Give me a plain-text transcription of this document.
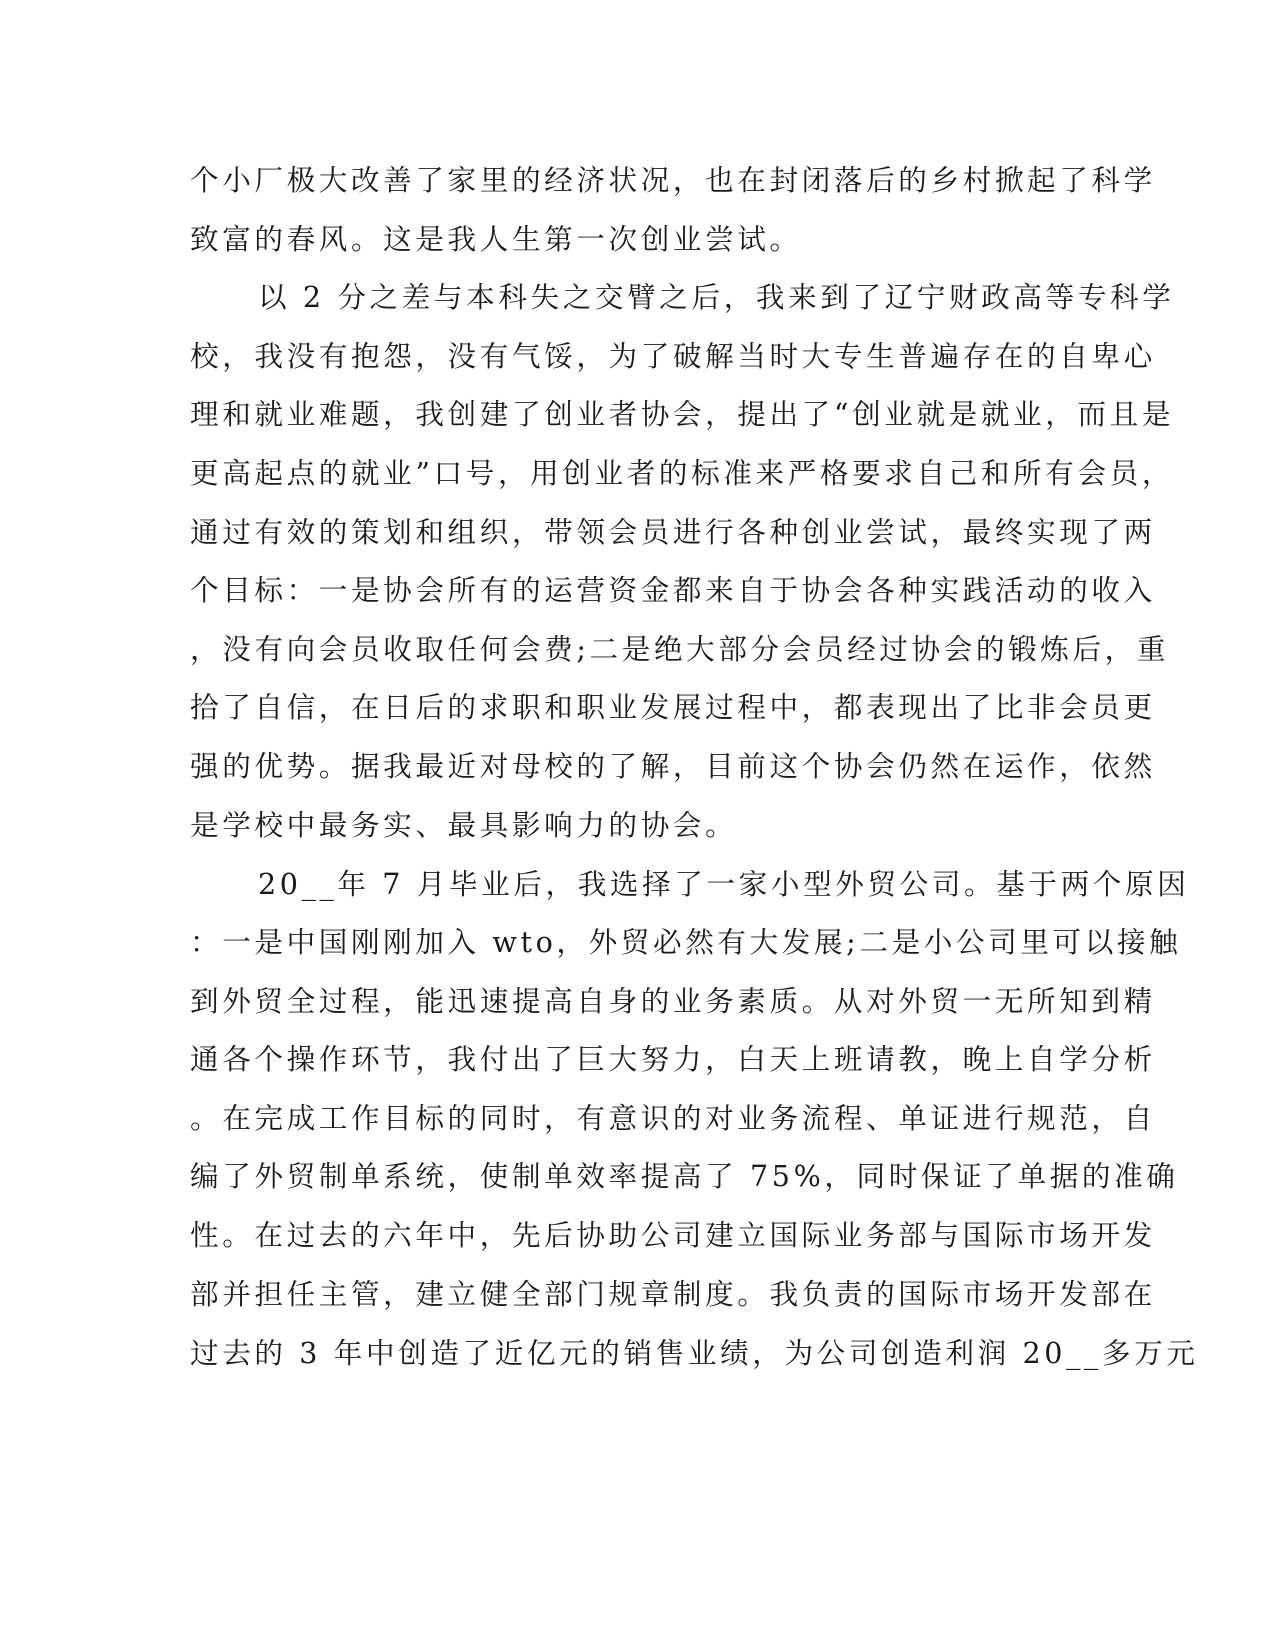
个小厂极大改善了家里的经济状况，也在封闭落后的乡村掀起了科学
致富的春风。这是我人生第一次创业尝试。
以 2 分之差与本科失之交臂之后，我来到了辽宁财政高等专科学
校，我没有抱怨，没有气馁，为了破解当时大专生普遍存在的自卑心
理和就业难题，我创建了创业者协会，提出了“创业就是就业，而且是
更高起点的就业”口号，用创业者的标准来严格要求自己和所有会员，
通过有效的策划和组织，带领会员进行各种创业尝试，最终实现了两
个目标：一是协会所有的运营资金都来自于协会各种实践活动的收入
，没有向会员收取任何会费;二是绝大部分会员经过协会的锻炼后，重
拾了自信，在日后的求职和职业发展过程中，都表现出了比非会员更
强的优势。据我最近对母校的了解，目前这个协会仍然在运作，依然
是学校中最务实、最具影响力的协会。
20__年 7 月毕业后，我选择了一家小型外贸公司。基于两个原因
：一是中国刚刚加入 wto，外贸必然有大发展;二是小公司里可以接触
到外贸全过程，能迅速提高自身的业务素质。从对外贸一无所知到精
通各个操作环节，我付出了巨大努力，白天上班请教，晚上自学分析
。在完成工作目标的同时，有意识的对业务流程、单证进行规范，自
编了外贸制单系统，使制单效率提高了 75%，同时保证了单据的准确
性。在过去的六年中，先后协助公司建立国际业务部与国际市场开发
部并担任主管，建立健全部门规章制度。我负责的国际市场开发部在
过去的 3 年中创造了近亿元的销售业绩，为公司创造利润 20__多万元
